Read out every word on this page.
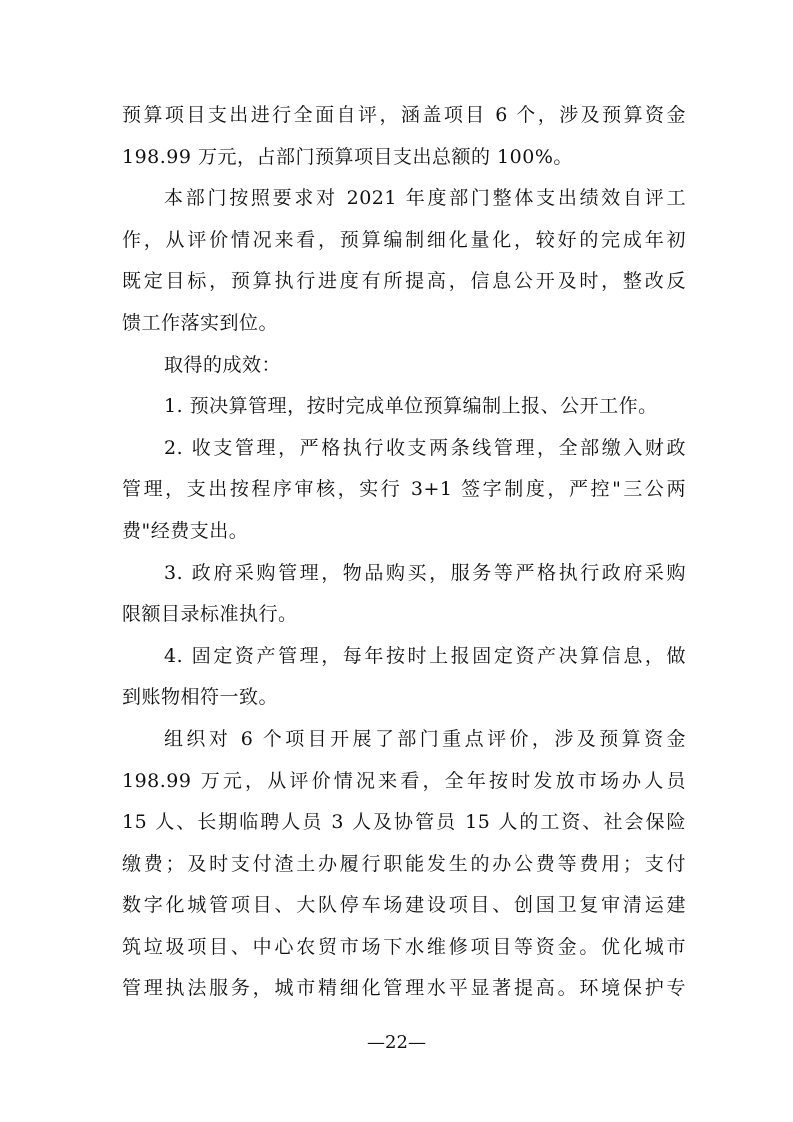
预算项目支出进行全面自评，涵盖项目 6 个，涉及预算资金
198.99 万元，占部门预算项目支出总额的 100%。
本部门按照要求对 2021 年度部门整体支出绩效自评工
作，从评价情况来看，预算编制细化量化，较好的完成年初
既定目标，预算执行进度有所提高，信息公开及时，整改反
馈工作落实到位。
取得的成效：
1. 预决算管理，按时完成单位预算编制上报、公开工作。
2. 收支管理，严格执行收支两条线管理，全部缴入财政
管理，支出按程序审核，实行 3+1 签字制度，严控"三公两
费"经费支出。
3. 政府采购管理，物品购买，服务等严格执行政府采购
限额目录标准执行。
4. 固定资产管理，每年按时上报固定资产决算信息，做
到账物相符一致。
组织对 6 个项目开展了部门重点评价，涉及预算资金
198.99 万元，从评价情况来看，全年按时发放市场办人员
15 人、长期临聘人员 3 人及协管员 15 人的工资、社会保险
缴费；及时支付渣土办履行职能发生的办公费等费用；支付
数字化城管项目、大队停车场建设项目、创国卫复审清运建
筑垃圾项目、中心农贸市场下水维修项目等资金。优化城市
管理执法服务，城市精细化管理水平显著提高。环境保护专
—22—
